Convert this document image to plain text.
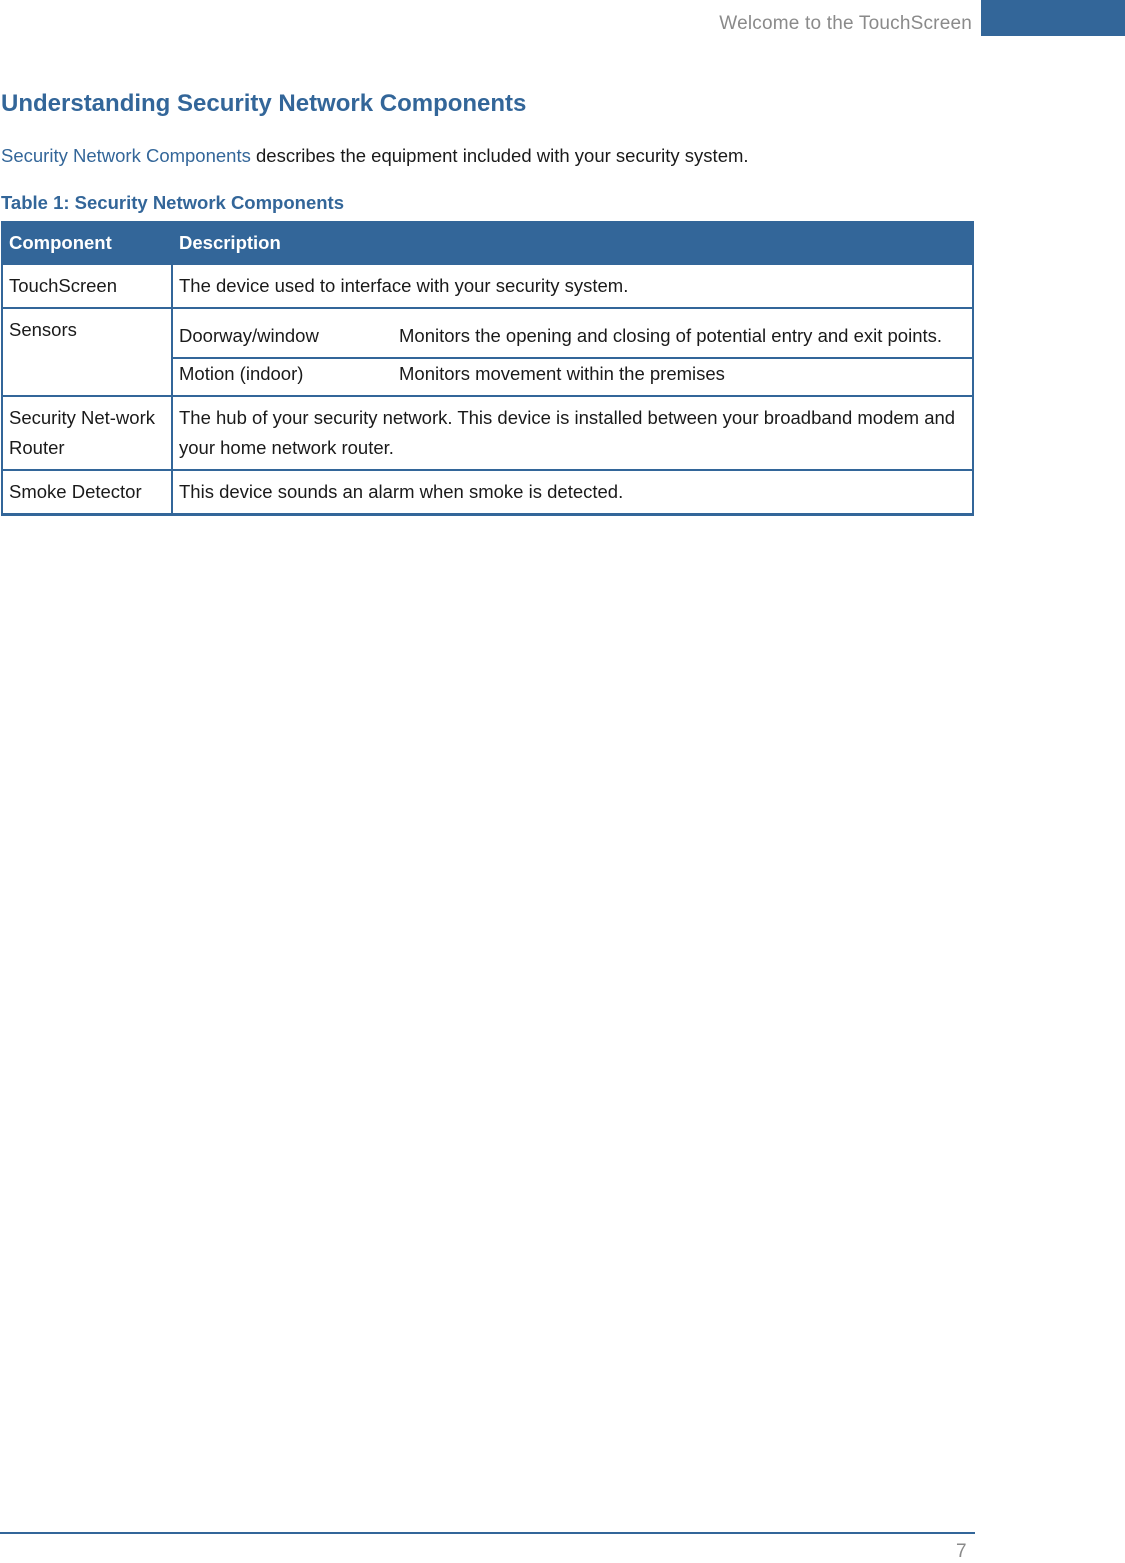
Welcome to the TouchScreen
Understanding Security Network Components

Security Network Components describes the equipment included with your security system.

Table 1: Security Network Components

Component	Description
TouchScreen	The device used to interface with your security system.
Sensors	Doorway/window Monitors the opening and closing of potential entry and exit points.
Motion (indoor) Monitors movement within the premises

Security Net-work Router	The hub of your security network. This device is installed between your broadband modem and your home network router.
Smoke Detector	This device sounds an alarm when smoke is detected.
7
